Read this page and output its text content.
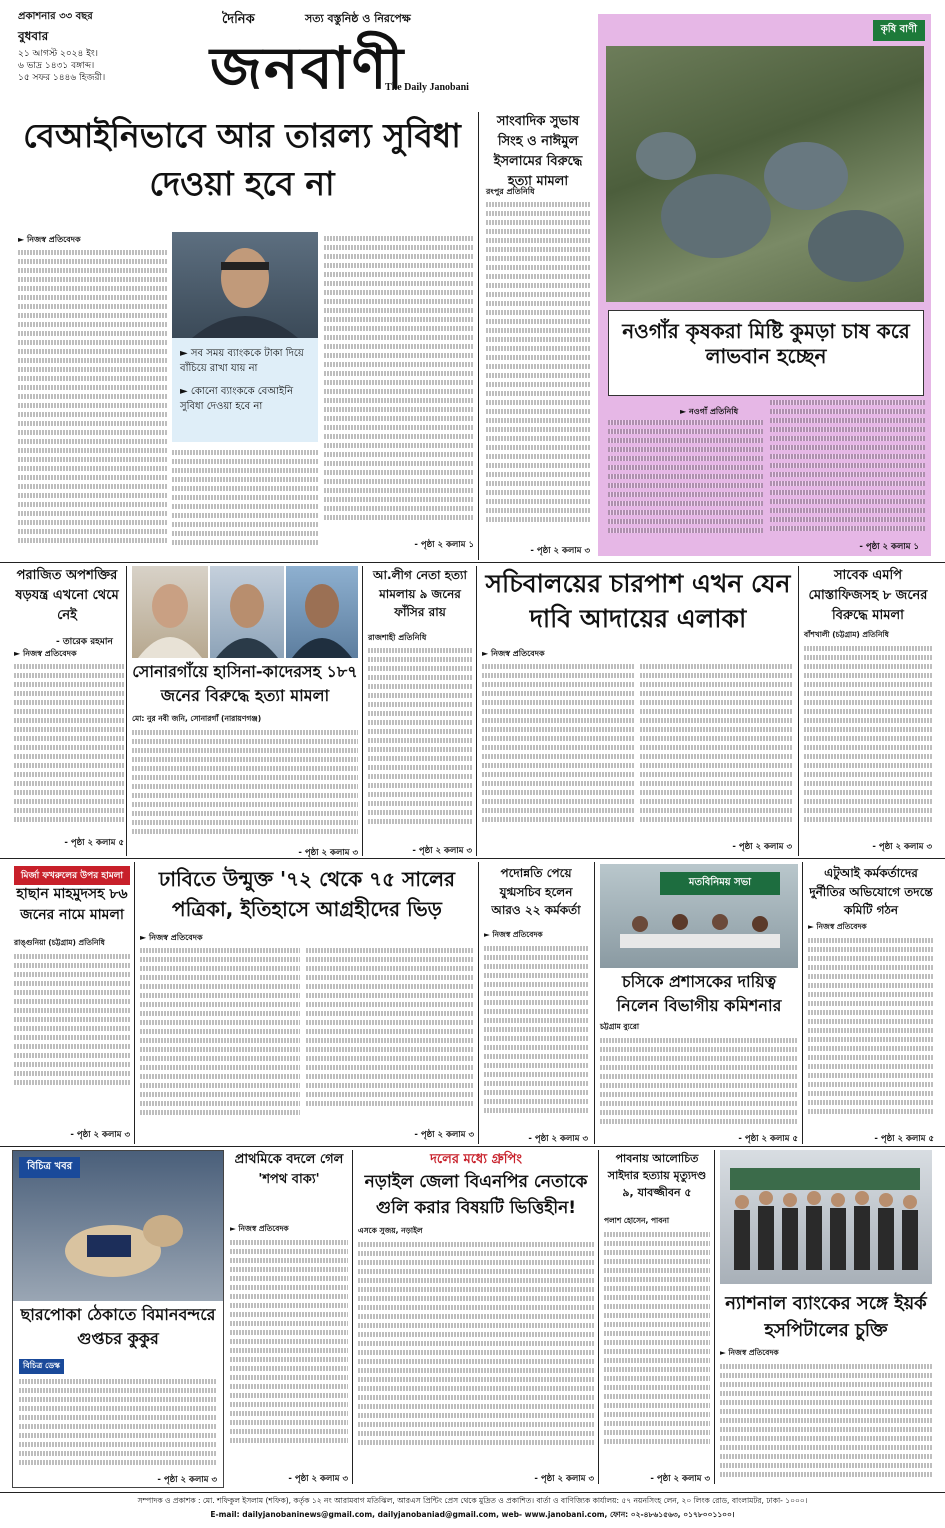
প্রকাশনার ৩৩ বছর
বুধবার
২১ আগস্ট ২০২৪ ইং।
৬ ভাদ্র ১৪৩১ বঙ্গাব্দ।
১৫ সফর ১৪৪৬ হিজরী।
দৈনিক	সত্য বস্তুনিষ্ঠ ও নিরপেক্ষ
জনবাণী
The Daily Janobani
কৃষি বাণী
নওগাঁর কৃষকরা মিষ্টি কুমড়া চাষ করে লাভবান হচ্ছেন
► নওগাঁ প্রতিনিধি
- পৃষ্ঠা ২ কলাম ১
বেআইনিভাবে আর তারল্য সুবিধা দেওয়া হবে না
► নিজস্ব প্রতিবেদক
► সব সময় ব্যাংককে টাকা দিয়ে বাঁচিয়ে রাখা যায় না
► কোনো ব্যাংককে বেআইনি সুবিধা দেওয়া হবে না
- পৃষ্ঠা ২ কলাম ১
সাংবাদিক সুভাষ সিংহ ও নাঈমুল ইসলামের বিরুদ্ধে হত্যা মামলা
রংপুর প্রতিনিধি
- পৃষ্ঠা ২ কলাম ৩
পরাজিত অপশক্তির ষড়যন্ত্র এখনো থেমে নেই
- তারেক রহমান
► নিজস্ব প্রতিবেদক
- পৃষ্ঠা ২ কলাম ৫
সোনারগাঁয়ে হাসিনা-কাদেরসহ ১৮৭ জনের বিরুদ্ধে হত্যা মামলা
মো: নুর নবী জনি, সোনারগাঁ (নারায়ণগঞ্জ)
- পৃষ্ঠা ২ কলাম ৩
আ.লীগ নেতা হত্যা মামলায় ৯ জনের ফাঁসির রায়
রাজশাহী প্রতিনিধি
- পৃষ্ঠা ২ কলাম ৩
সচিবালয়ের চারপাশ এখন যেন দাবি আদায়ের এলাকা
► নিজস্ব প্রতিবেদক
- পৃষ্ঠা ২ কলাম ৩
সাবেক এমপি মোস্তাফিজসহ ৮ জনের বিরুদ্ধে মামলা
বাঁশখালী (চট্টগ্রাম) প্রতিনিধি
- পৃষ্ঠা ২ কলাম ৩
মির্জা ফখরুলের উপর হামলা
হাছান মাহমুদসহ ৮৬ জনের নামে মামলা
রাঙ্গুনিয়া (চট্টগ্রাম) প্রতিনিধি
- পৃষ্ঠা ২ কলাম ৩
ঢাবিতে উন্মুক্ত '৭২ থেকে ৭৫ সালের পত্রিকা, ইতিহাসে আগ্রহীদের ভিড়
► নিজস্ব প্রতিবেদক
- পৃষ্ঠা ২ কলাম ৩
পদোন্নতি পেয়ে যুগ্মসচিব হলেন আরও ২২ কর্মকর্তা
► নিজস্ব প্রতিবেদক
- পৃষ্ঠা ২ কলাম ৩
মতবিনিময় সভা
চসিকে প্রশাসকের দায়িত্ব নিলেন বিভাগীয় কমিশনার
চট্টগ্রাম ব্যুরো
- পৃষ্ঠা ২ কলাম ৫
এটুআই কর্মকর্তাদের দুর্নীতির অভিযোগে তদন্তে কমিটি গঠন
► নিজস্ব প্রতিবেদক
- পৃষ্ঠা ২ কলাম ৫
বিচিত্র খবর
ছারপোকা ঠেকাতে বিমানবন্দরে গুপ্তচর কুকুর
বিচিত্র ডেস্ক
- পৃষ্ঠা ২ কলাম ৩
প্রাথমিকে বদলে গেল 'শপথ বাক্য'
► নিজস্ব প্রতিবেদক
- পৃষ্ঠা ২ কলাম ৩
দলের মধ্যে গ্রুপিং
নড়াইল জেলা বিএনপির নেতাকে গুলি করার বিষয়টি ভিত্তিহীন!
এসকে সুজয়, নড়াইল
- পৃষ্ঠা ২ কলাম ৩
পাবনায় আলোচিত সাইদার হত্যায় মৃত্যুদণ্ড ৯, যাবজ্জীবন ৫
পলাশ হোসেন, পাবনা
- পৃষ্ঠা ২ কলাম ৩
ন্যাশনাল ব্যাংকের সঙ্গে ইয়র্ক হসপিটালের চুক্তি
► নিজস্ব প্রতিবেদক
সম্পাদক ও প্রকাশক : মো. শফিকুল ইসলাম (শফিক), কর্তৃক ১২ নং আরামবাগ মতিঝিল, আরএস প্রিন্টিং প্রেস থেকে মুদ্রিত ও প্রকাশিত। বার্তা ও বাণিজ্যিক কার্যালয়: ৫৭ নয়নসিংহ লেন, ২০ লিংক রোড, বাংলামটর, ঢাকা- ১০০০।
E-mail: dailyjanobaninews@gmail.com, dailyjanobaniad@gmail.com, web- www.janobani.com, ফোন: ০২-৪৮৬১৫৬৩, ০১৭৮০০১১০০।
